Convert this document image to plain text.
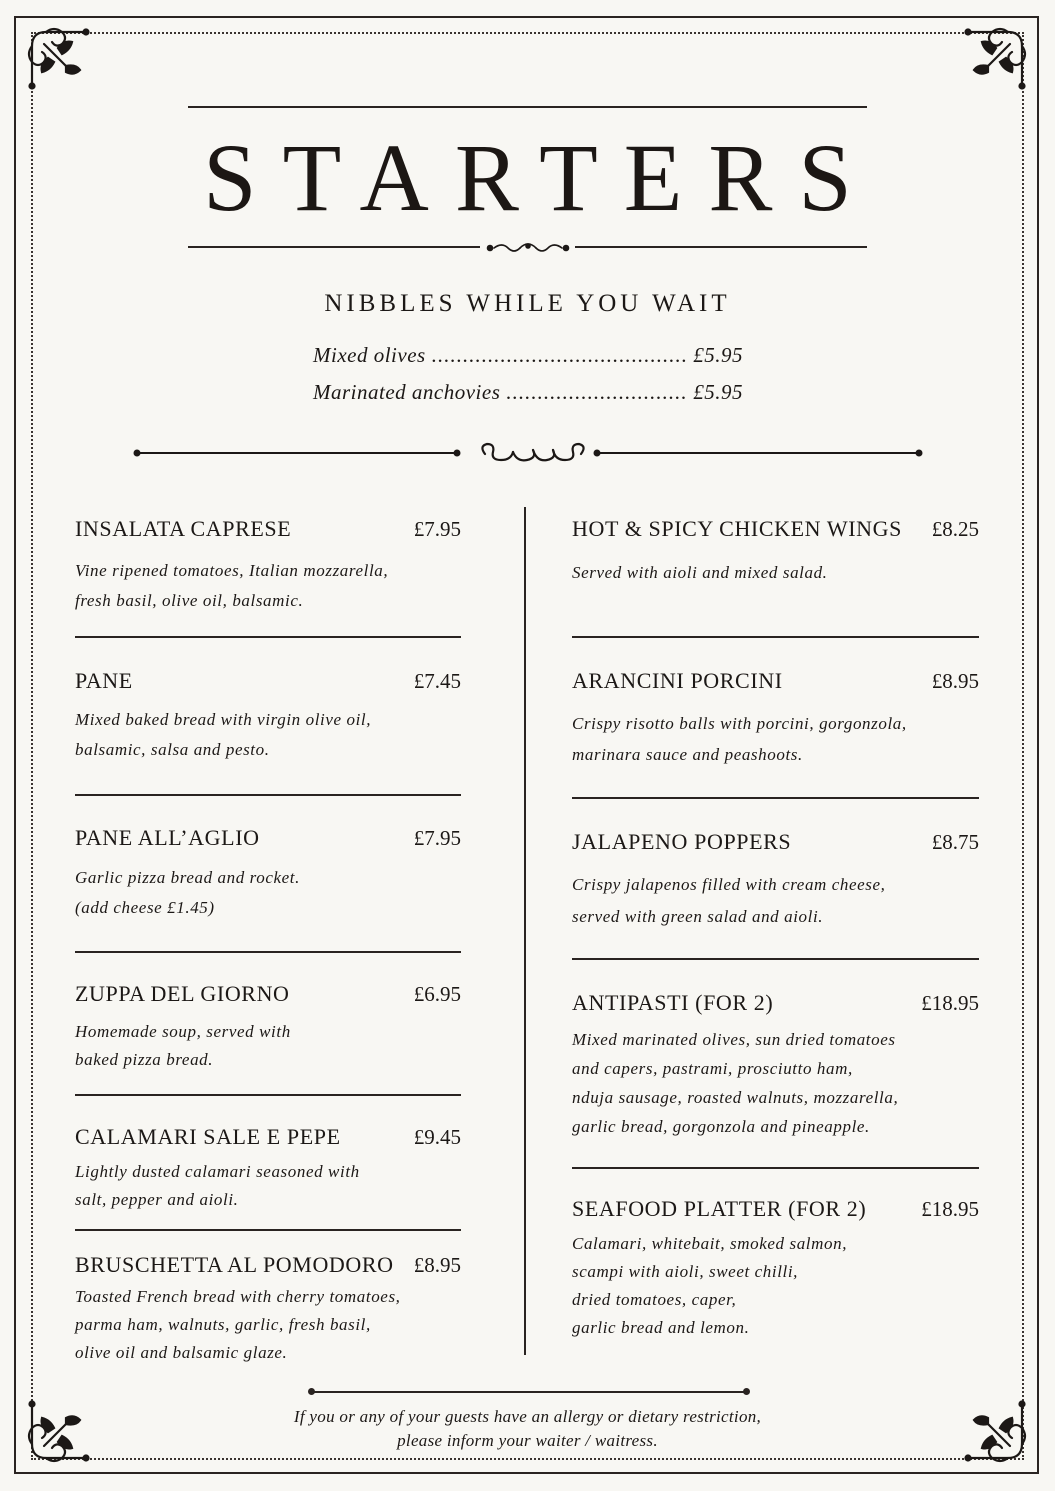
STARTERS
NIBBLES WHILE YOU WAIT
Mixed olives .....	£5.95
Marinated anchovies .....	£5.95
INSALATA CAPRESE	£7.95
Vine ripened tomatoes, Italian mozzarella,
fresh basil, olive oil, balsamic.
PANE	£7.45
Mixed baked bread with virgin olive oil,
balsamic, salsa and pesto.
PANE ALL’AGLIO	£7.95
Garlic pizza bread and rocket.
(add cheese £1.45)
ZUPPA DEL GIORNO	£6.95
Homemade soup, served with
baked pizza bread.
CALAMARI SALE E PEPE	£9.45
Lightly dusted calamari seasoned with
salt, pepper and aioli.
BRUSCHETTA AL POMODORO £8.95
Toasted French bread with cherry tomatoes,
parma ham, walnuts, garlic, fresh basil,
olive oil and balsamic glaze.
HOT & SPICY CHICKEN WINGS £8.25
Served with aioli and mixed salad.
ARANCINI PORCINI	£8.95
Crispy risotto balls with porcini, gorgonzola,
marinara sauce and peashoots.
JALAPENO POPPERS	£8.75
Crispy jalapenos filled with cream cheese,
served with green salad and aioli.
ANTIPASTI (FOR 2)	£18.95
Mixed marinated olives, sun dried tomatoes
and capers, pastrami, prosciutto ham,
nduja sausage, roasted walnuts, mozzarella,
garlic bread, gorgonzola and pineapple.
SEAFOOD PLATTER (FOR 2)	£18.95
Calamari, whitebait, smoked salmon,
scampi with aioli, sweet chilli,
dried tomatoes, caper,
garlic bread and lemon.
If you or any of your guests have an allergy or dietary restriction,
please inform your waiter / waitress.
